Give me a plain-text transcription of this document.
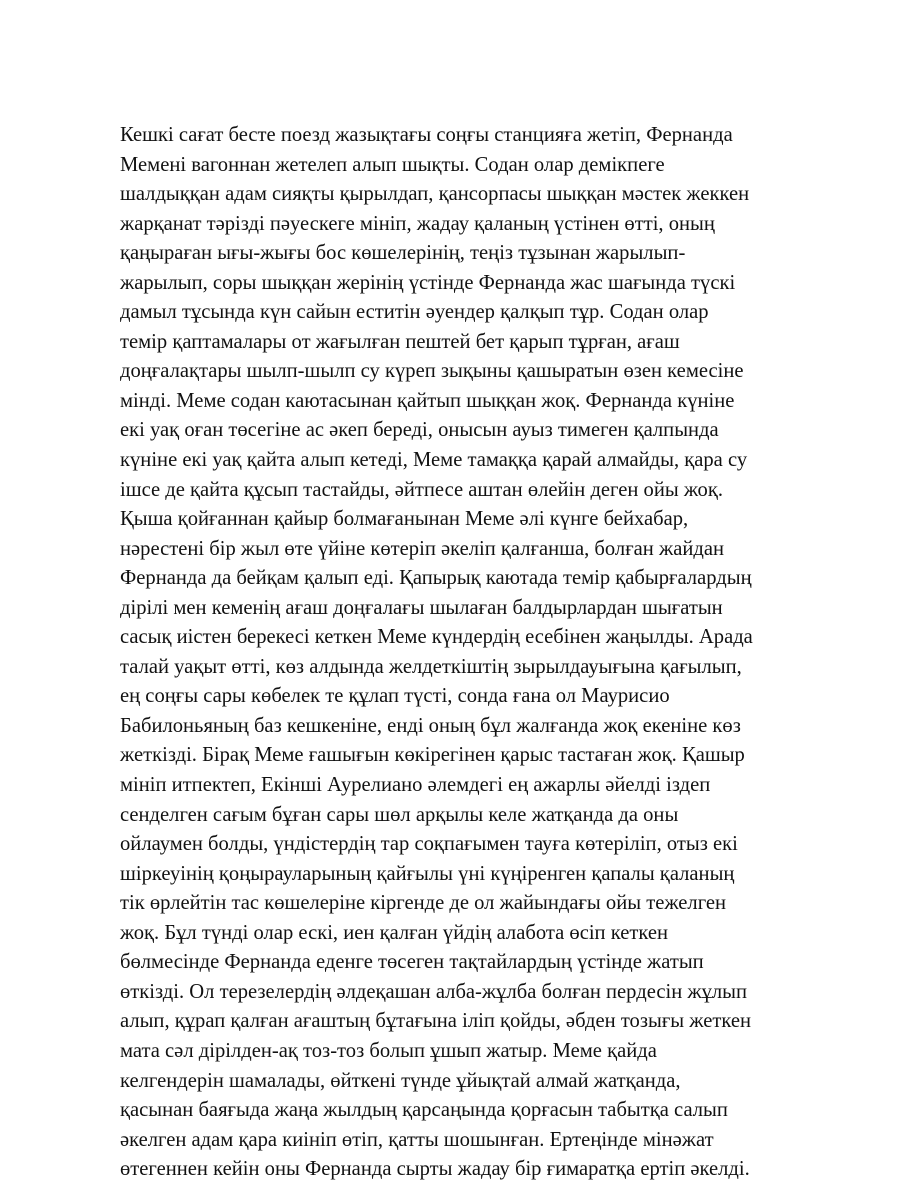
Кешкі сағат бесте поезд жазықтағы соңғы станцияға жетіп, Фернанда
Мемені вагоннан жетелеп алып шықты. Содан олар демікпеге
шалдыққан адам сияқты қырылдап, қансорпасы шыққан мәстек жеккен
жарқанат тәрізді пәуескеге мініп, жадау қаланың үстінен өтті, оның
қаңыраған ығы-жығы бос көшелерінің, теңіз тұзынан жарылып-
жарылып, соры шыққан жерінің үстінде Фернанда жас шағында түскі
дамыл тұсында күн сайын еститін әуендер қалқып тұр. Содан олар
темір қаптамалары от жағылған пештей бет қарып тұрған, ағаш
доңғалақтары шылп-шылп су күреп зықыны қашыратын өзен кемесіне
мінді. Меме содан каютасынан қайтып шыққан жоқ. Фернанда күніне
екі уақ оған төсегіне ас әкеп береді, онысын ауыз тимеген қалпында
күніне екі уақ қайта алып кетеді, Меме тамаққа қарай алмайды, қара су
ішсе де қайта құсып тастайды, әйтпесе аштан өлейін деген ойы жоқ.
Қыша қойғаннан қайыр болмағанынан Меме әлі күнге бейхабар,
нәрестені бір жыл өте үйіне көтеріп әкеліп қалғанша, болған жайдан
Фернанда да бейқам қалып еді. Қапырық каютада темір қабырғалардың
дірілі мен кеменің ағаш доңғалағы шылаған балдырлардан шығатын
сасық иістен берекесі кеткен Меме күндердің есебінен жаңылды. Арада
талай уақыт өтті, көз алдында желдеткіштің зырылдауығына қағылып,
ең соңғы сары көбелек те құлап түсті, сонда ғана ол Маурисио
Бабилоньяның баз кешкеніне, енді оның бұл жалғанда жоқ екеніне көз
жеткізді. Бірақ Меме ғашығын көкірегінен қарыс тастаған жоқ. Қашыр
мініп итпектеп, Екінші Аурелиано әлемдегі ең ажарлы әйелді іздеп
сенделген сағым бұған сары шөл арқылы келе жатқанда да оны
ойлаумен болды, үндістердің тар соқпағымен тауға көтеріліп, отыз екі
шіркеуінің қоңырауларының қайғылы үні күңіренген қапалы қаланың
тік өрлейтін тас көшелеріне кіргенде де ол жайындағы ойы тежелген
жоқ. Бұл түнді олар ескі, иен қалған үйдің алабота өсіп кеткен
бөлмесінде Фернанда еденге төсеген тақтайлардың үстінде жатып
өткізді. Ол терезелердің әлдеқашан алба-жұлба болған пердесін жұлып
алып, құрап қалған ағаштың бұтағына іліп қойды, әбден тозығы жеткен
мата сәл дірілден-ақ тоз-тоз болып ұшып жатыр. Меме қайда
келгендерін шамалады, өйткені түнде ұйықтай алмай жатқанда,
қасынан баяғыда жаңа жылдың қарсаңында қорғасын табытқа салып
әкелген адам қара киініп өтіп, қатты шошынған. Ертеңінде мінәжат
өтегеннен кейін оны Фернанда сырты жадау бір ғимаратқа ертіп әкелді.
